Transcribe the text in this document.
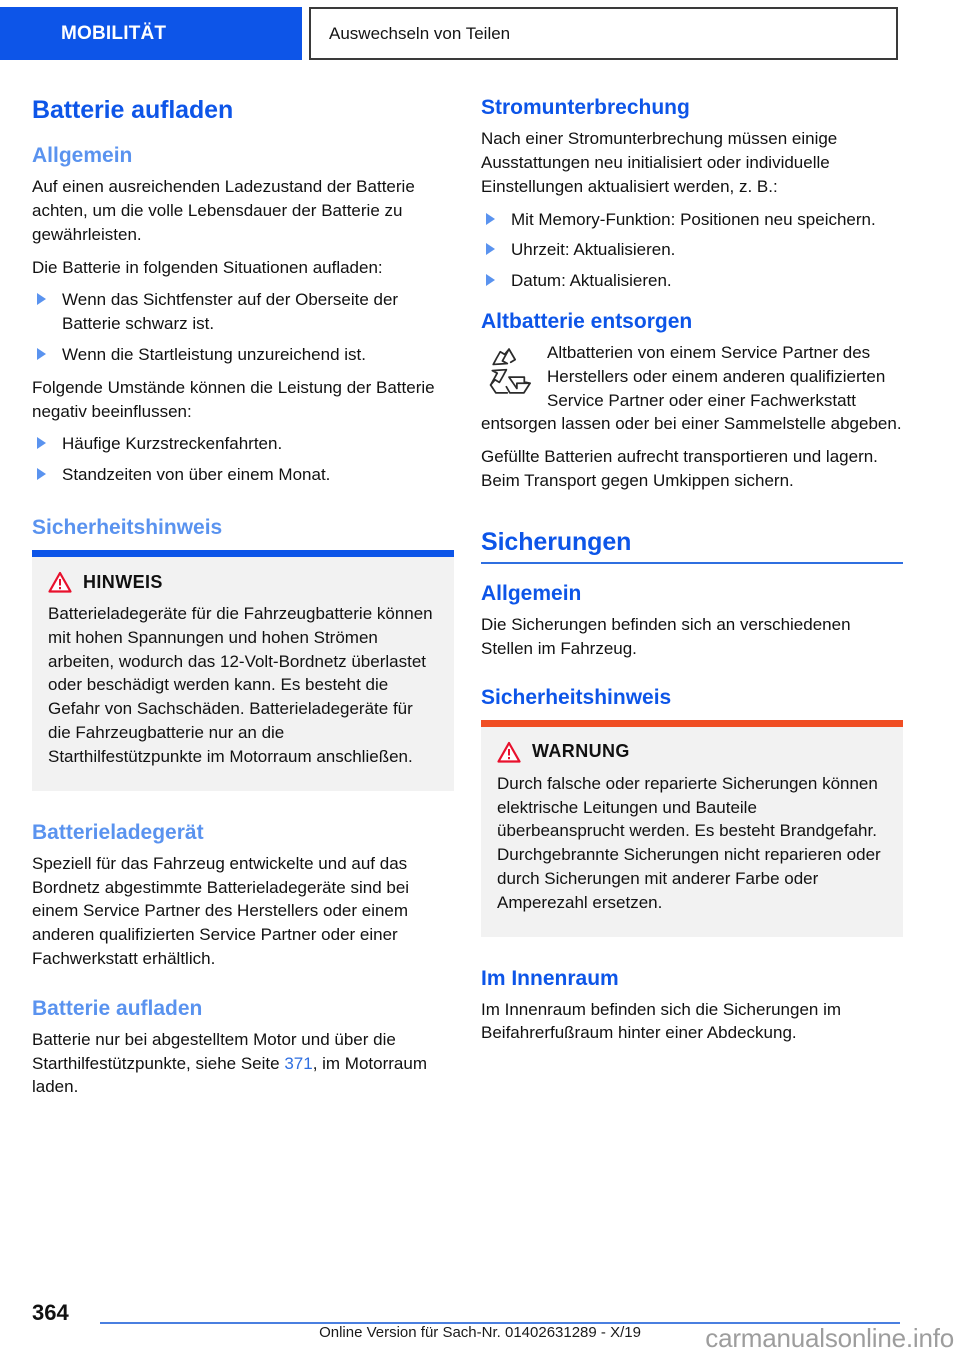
MOBILITÄT	Auswechseln von Teilen
Batterie aufladen
Allgemein

Auf einen ausreichenden Ladezustand der Batterie achten, um die volle Lebensdauer der Batterie zu gewährleisten.

Die Batterie in folgenden Situationen aufladen:

Wenn das Sichtfenster auf der Oberseite der Batterie schwarz ist.
Wenn die Startleistung unzureichend ist.

Folgende Umstände können die Leistung der Batterie negativ beeinflussen:

Häufige Kurzstreckenfahrten.
Standzeiten von über einem Monat.
Sicherheitshinweis
HINWEIS

Batterieladegeräte für die Fahrzeugbatterie können mit hohen Spannungen und hohen Strömen arbeiten, wodurch das 12-Volt-Bordnetz überlastet oder beschädigt werden kann. Es besteht die Gefahr von Sachschäden. Batterieladegeräte für die Fahrzeugbatterie nur an die Starthilfestützpunkte im Motorraum anschließen.

Batterieladegerät

Speziell für das Fahrzeug entwickelte und auf das Bordnetz abgestimmte Batterieladegeräte sind bei einem Service Partner des Herstellers oder einem anderen qualifizierten Service Partner oder einer Fachwerkstatt erhältlich.

Batterie aufladen

Batterie nur bei abgestelltem Motor und über die Starthilfestützpunkte, siehe Seite 371, im Motorraum laden.

Stromunterbrechung

Nach einer Stromunterbrechung müssen einige Ausstattungen neu initialisiert oder individuelle Einstellungen aktualisiert werden, z. B.:

Mit Memory-Funktion: Positionen neu speichern.
Uhrzeit: Aktualisieren.
Datum: Aktualisieren.
Altbatterie entsorgen

Altbatterien von einem Service Partner des Herstellers oder einem anderen qualifizierten Service Partner oder einer Fachwerkstatt entsorgen lassen oder bei einer Sammelstelle abgeben.

Gefüllte Batterien aufrecht transportieren und lagern. Beim Transport gegen Umkippen sichern.

Sicherungen
Allgemein

Die Sicherungen befinden sich an verschiedenen Stellen im Fahrzeug.

Sicherheitshinweis
WARNUNG

Durch falsche oder reparierte Sicherungen können elektrische Leitungen und Bauteile überbeansprucht werden. Es besteht Brandgefahr. Durchgebrannte Sicherungen nicht reparieren oder durch Sicherungen mit anderer Farbe oder Amperezahl ersetzen.

Im Innenraum

Im Innenraum befinden sich die Sicherungen im Beifahrerfußraum hinter einer Abdeckung.

364
Online Version für Sach-Nr. 01402631289 - X/19	carmanualsonline.info
